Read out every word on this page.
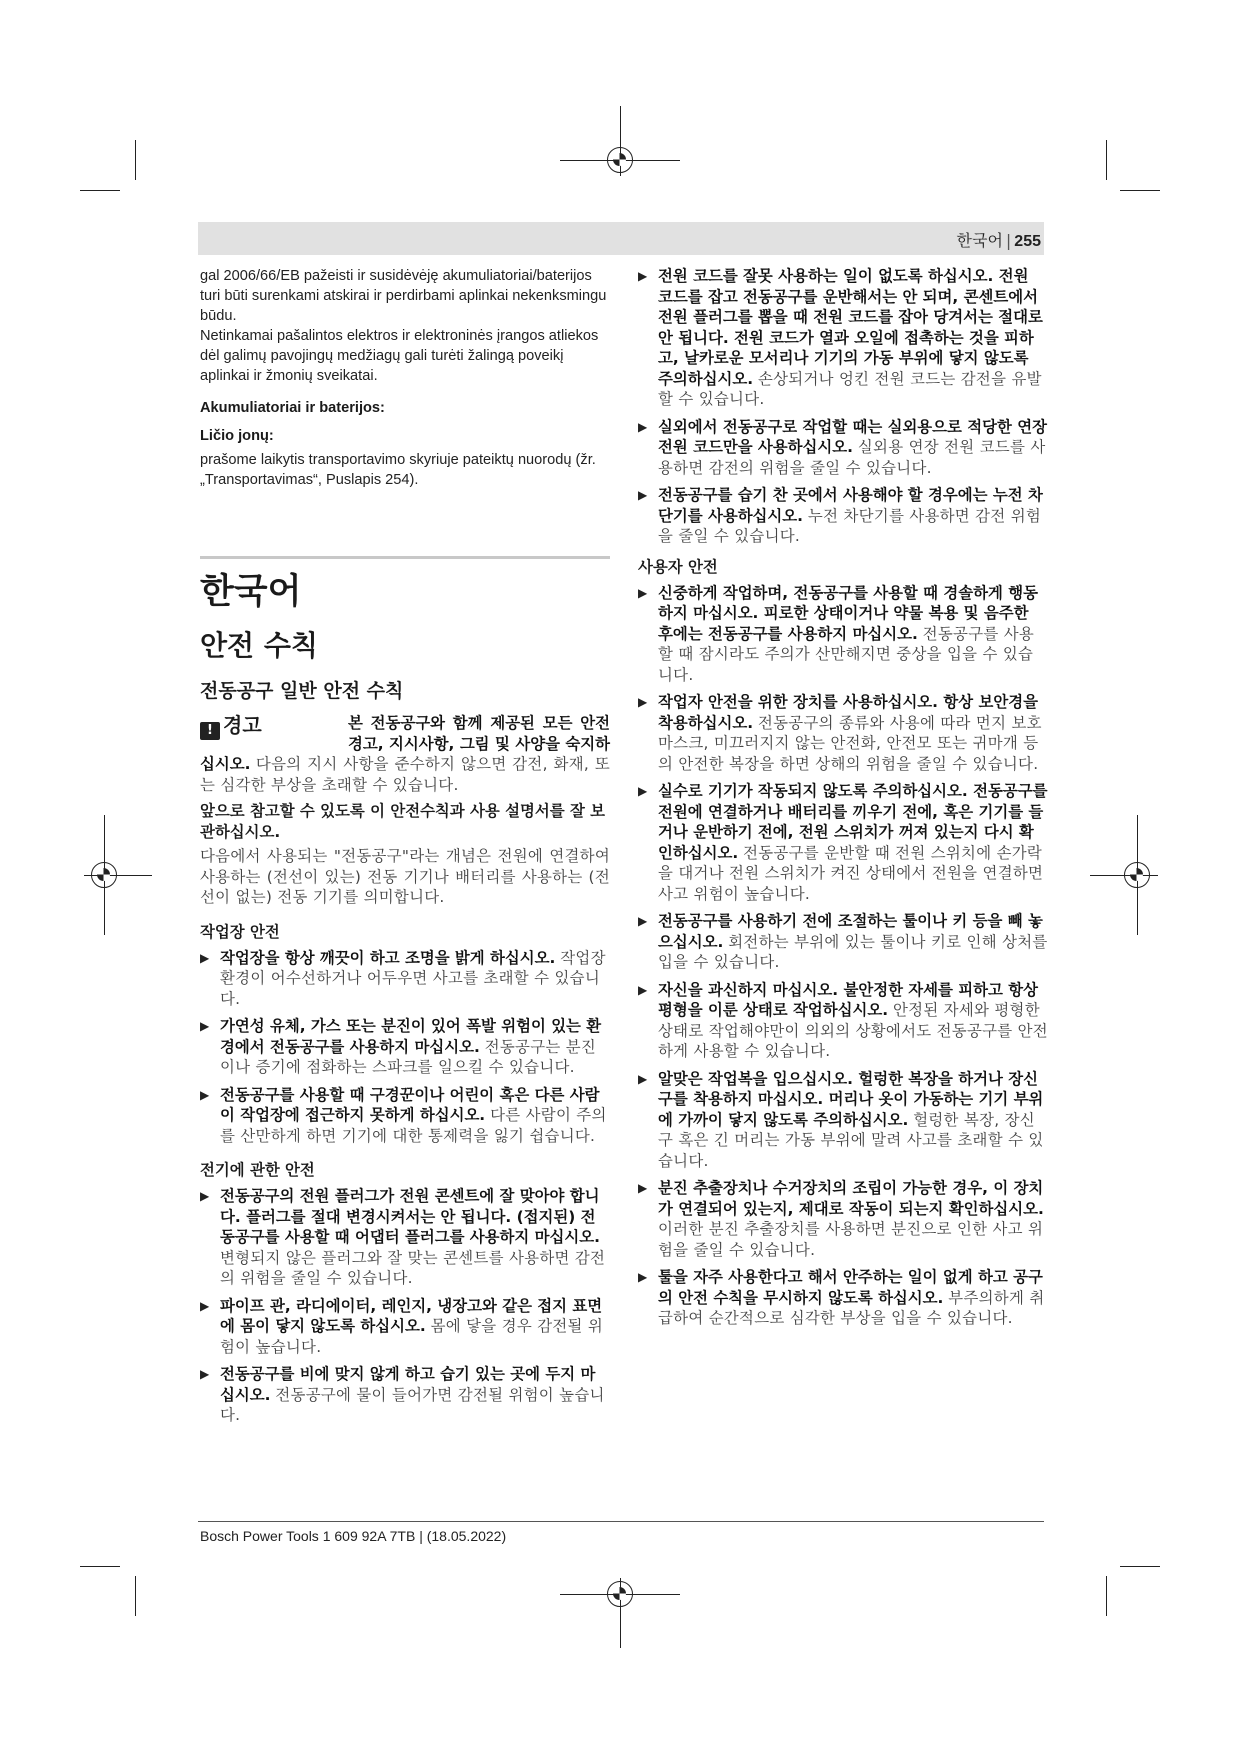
한국어 | 255

gal 2006/66/EB pažeisti ir susidėvėję akumuliatoriai/baterijos turi būti surenkami atskirai ir perdirbami aplinkai nekenksmingu būdu.

Netinkamai pašalintos elektros ir elektroninės įrangos atliekos dėl galimų pavojingų medžiagų gali turėti žalingą poveikį aplinkai ir žmonių sveikatai.

Akumuliatoriai ir baterijos:

Ličio jonų:

prašome laikytis transportavimo skyriuje pateiktų nuorodų (žr. „Transportavimas“, Puslapis 254).

한국어
안전 수칙
전동공구 일반 안전 수칙

! 경고	본 전동공구와 함께 제공된 모든 안전경고, 지시사항, 그림 및 사양을 숙지하십시오. 다음의 지시 사항을 준수하지 않으면 감전, 화재, 또는 심각한 부상을 초래할 수 있습니다.

앞으로 참고할 수 있도록 이 안전수칙과 사용 설명서를 잘 보관하십시오.

다음에서 사용되는 "전동공구"라는 개념은 전원에 연결하여 사용하는 (전선이 있는) 전동 기기나 배터리를 사용하는 (전선이 없는) 전동 기기를 의미합니다.

작업장 안전

▶ 작업장을 항상 깨끗이 하고 조명을 밝게 하십시오. 작업장 환경이 어수선하거나 어두우면 사고를 초래할 수 있습니다.
▶ 가연성 유체, 가스 또는 분진이 있어 폭발 위험이 있는 환경에서 전동공구를 사용하지 마십시오. 전동공구는 분진이나 증기에 점화하는 스파크를 일으킬 수 있습니다.
▶ 전동공구를 사용할 때 구경꾼이나 어린이 혹은 다른 사람이 작업장에 접근하지 못하게 하십시오. 다른 사람이 주의를 산만하게 하면 기기에 대한 통제력을 잃기 쉽습니다.

전기에 관한 안전

▶ 전동공구의 전원 플러그가 전원 콘센트에 잘 맞아야 합니다. 플러그를 절대 변경시켜서는 안 됩니다. (접지된) 전동공구를 사용할 때 어댑터 플러그를 사용하지 마십시오. 변형되지 않은 플러그와 잘 맞는 콘센트를 사용하면 감전의 위험을 줄일 수 있습니다.
▶ 파이프 관, 라디에이터, 레인지, 냉장고와 같은 접지 표면에 몸이 닿지 않도록 하십시오. 몸에 닿을 경우 감전될 위험이 높습니다.
▶ 전동공구를 비에 맞지 않게 하고 습기 있는 곳에 두지 마십시오. 전동공구에 물이 들어가면 감전될 위험이 높습니다.
▶ 전원 코드를 잘못 사용하는 일이 없도록 하십시오. 전원 코드를 잡고 전동공구를 운반해서는 안 되며, 콘센트에서 전원 플러그를 뽑을 때 전원 코드를 잡아 당겨서는 절대로 안 됩니다. 전원 코드가 열과 오일에 접촉하는 것을 피하고, 날카로운 모서리나 기기의 가동 부위에 닿지 않도록 주의하십시오. 손상되거나 엉킨 전원 코드는 감전을 유발할 수 있습니다.
▶ 실외에서 전동공구로 작업할 때는 실외용으로 적당한 연장 전원 코드만을 사용하십시오. 실외용 연장 전원 코드를 사용하면 감전의 위험을 줄일 수 있습니다.
▶ 전동공구를 습기 찬 곳에서 사용해야 할 경우에는 누전 차단기를 사용하십시오. 누전 차단기를 사용하면 감전 위험을 줄일 수 있습니다.

사용자 안전

▶ 신중하게 작업하며, 전동공구를 사용할 때 경솔하게 행동하지 마십시오. 피로한 상태이거나 약물 복용 및 음주한 후에는 전동공구를 사용하지 마십시오. 전동공구를 사용할 때 잠시라도 주의가 산만해지면 중상을 입을 수 있습니다.
▶ 작업자 안전을 위한 장치를 사용하십시오. 항상 보안경을 착용하십시오. 전동공구의 종류와 사용에 따라 먼지 보호 마스크, 미끄러지지 않는 안전화, 안전모 또는 귀마개 등의 안전한 복장을 하면 상해의 위험을 줄일 수 있습니다.
▶ 실수로 기기가 작동되지 않도록 주의하십시오. 전동공구를 전원에 연결하거나 배터리를 끼우기 전에, 혹은 기기를 들거나 운반하기 전에, 전원 스위치가 꺼져 있는지 다시 확인하십시오. 전동공구를 운반할 때 전원 스위치에 손가락을 대거나 전원 스위치가 켜진 상태에서 전원을 연결하면 사고 위험이 높습니다.
▶ 전동공구를 사용하기 전에 조절하는 툴이나 키 등을 빼 놓으십시오. 회전하는 부위에 있는 툴이나 키로 인해 상처를 입을 수 있습니다.
▶ 자신을 과신하지 마십시오. 불안정한 자세를 피하고 항상 평형을 이룬 상태로 작업하십시오. 안정된 자세와 평형한 상태로 작업해야만이 의외의 상황에서도 전동공구를 안전하게 사용할 수 있습니다.
▶ 알맞은 작업복을 입으십시오. 헐렁한 복장을 하거나 장신구를 착용하지 마십시오. 머리나 옷이 가동하는 기기 부위에 가까이 닿지 않도록 주의하십시오. 헐렁한 복장, 장신구 혹은 긴 머리는 가동 부위에 말려 사고를 초래할 수 있습니다.
▶ 분진 추출장치나 수거장치의 조립이 가능한 경우, 이 장치가 연결되어 있는지, 제대로 작동이 되는지 확인하십시오. 이러한 분진 추출장치를 사용하면 분진으로 인한 사고 위험을 줄일 수 있습니다.
▶ 툴을 자주 사용한다고 해서 안주하는 일이 없게 하고 공구의 안전 수칙을 무시하지 않도록 하십시오. 부주의하게 취급하여 순간적으로 심각한 부상을 입을 수 있습니다.
Bosch Power Tools 1 609 92A 7TB | (18.05.2022)
